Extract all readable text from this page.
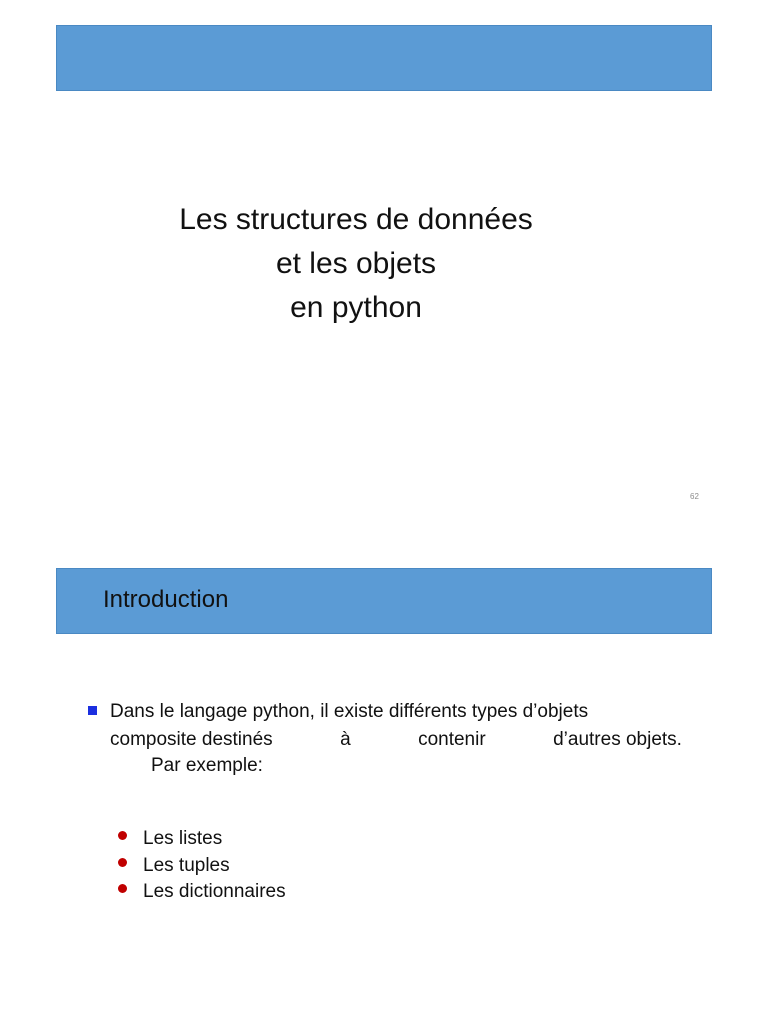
Les structures de données
et les objets
en python
62
Introduction
Dans le langage python, il existe différents types d’objets
composite destinés	à	contenir	d’autres objets.
Par exemple:
Les listes
Les tuples
Les dictionnaires
